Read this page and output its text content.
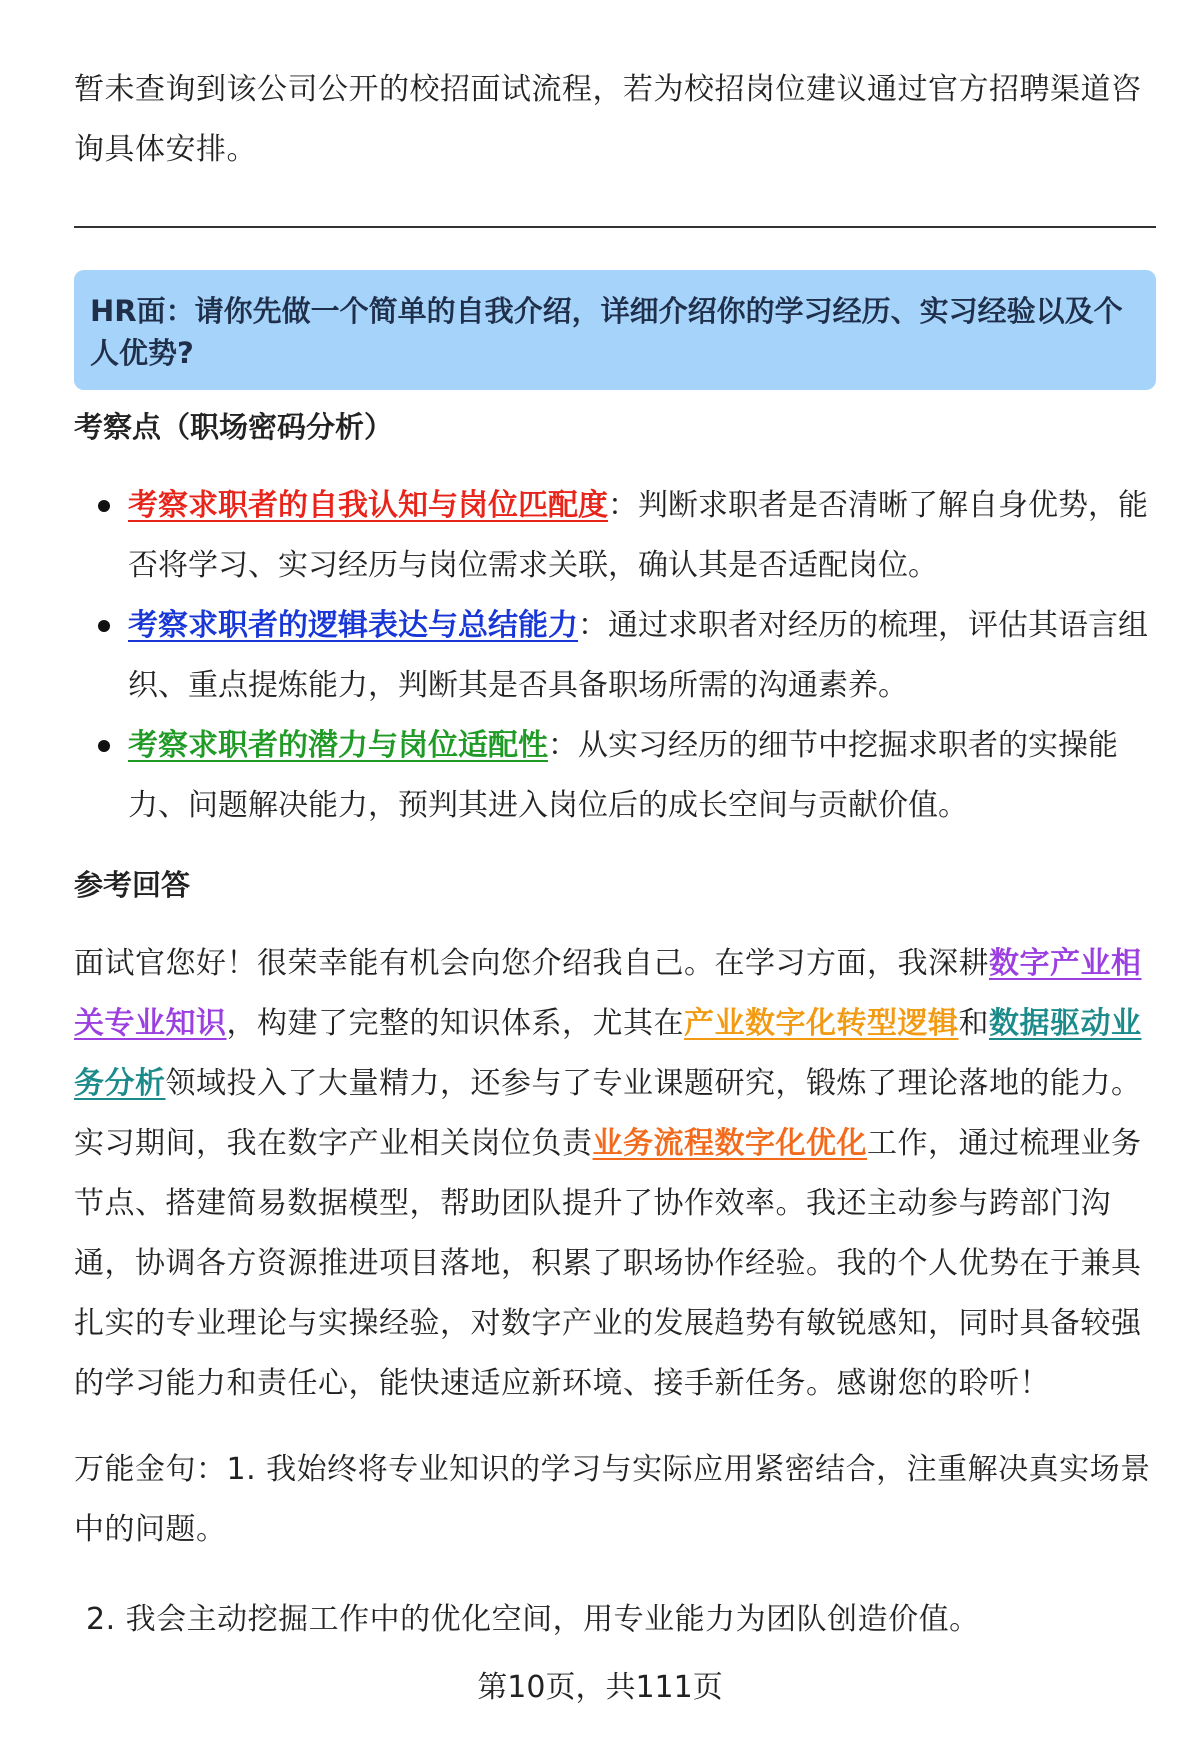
暂未查询到该公司公开的校招面试流程，若为校招岗位建议通过官方招聘渠道咨询具体安排。

HR面：请你先做一个简单的自我介绍，详细介绍你的学习经历、实习经验以及个人优势?

考察点（职场密码分析）
考察求职者的自我认知与岗位匹配度：判断求职者是否清晰了解自身优势，能否将学习、实习经历与岗位需求关联，确认其是否适配岗位。
考察求职者的逻辑表达与总结能力：通过求职者对经历的梳理，评估其语言组织、重点提炼能力，判断其是否具备职场所需的沟通素养。
考察求职者的潜力与岗位适配性：从实习经历的细节中挖掘求职者的实操能力、问题解决能力，预判其进入岗位后的成长空间与贡献价值。
参考回答

面试官您好！很荣幸能有机会向您介绍我自己。在学习方面，我深耕数字产业相关专业知识，构建了完整的知识体系，尤其在产业数字化转型逻辑和数据驱动业务分析领域投入了大量精力，还参与了专业课题研究，锻炼了理论落地的能力。实习期间，我在数字产业相关岗位负责业务流程数字化优化工作，通过梳理业务节点、搭建简易数据模型，帮助团队提升了协作效率。我还主动参与跨部门沟通，协调各方资源推进项目落地，积累了职场协作经验。我的个人优势在于兼具扎实的专业理论与实操经验，对数字产业的发展趋势有敏锐感知，同时具备较强的学习能力和责任心，能快速适应新环境、接手新任务。感谢您的聆听！

万能金句：1. 我始终将专业知识的学习与实际应用紧密结合，注重解决真实场景中的问题。

2. 我会主动挖掘工作中的优化空间，用专业能力为团队创造价值。

第10页，共111页
